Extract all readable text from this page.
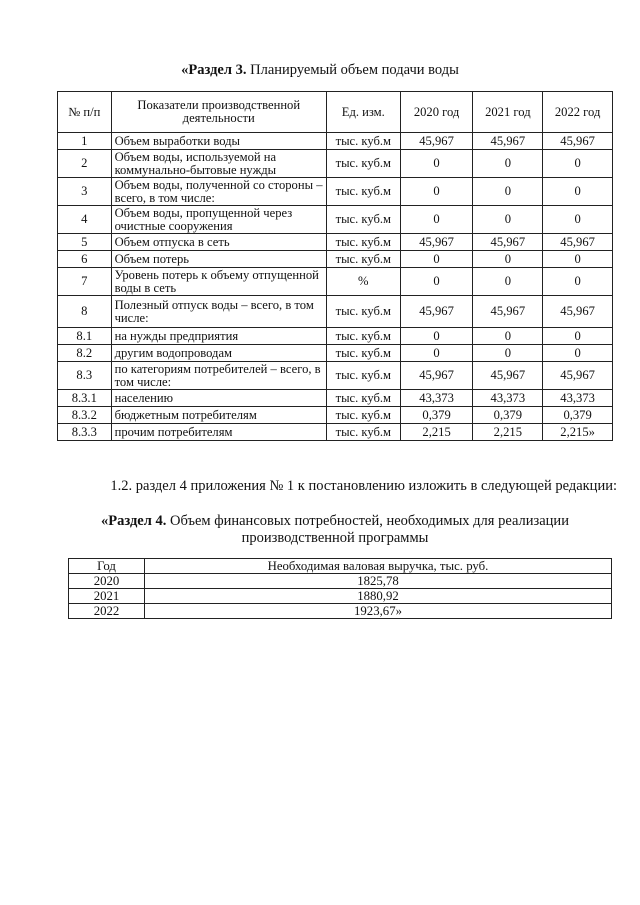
«Раздел 3. Планируемый объем подачи воды
№ п/п	Показатели производственной деятельности	Ед. изм.	2020 год	2021 год	2022 год
1	Объем выработки воды	тыс. куб.м	45,967	45,967	45,967
2	Объем воды, используемой на коммунально-бытовые нужды	тыс. куб.м	0	0	0
3	Объем воды, полученной со стороны – всего, в том числе:	тыс. куб.м	0	0	0
4	Объем воды, пропущенной через очистные сооружения	тыс. куб.м	0	0	0
5	Объем отпуска в сеть	тыс. куб.м	45,967	45,967	45,967
6	Объем потерь	тыс. куб.м	0	0	0
7	Уровень потерь к объему отпущенной воды в сеть	%	0	0	0
8	Полезный отпуск воды – всего, в том числе:	тыс. куб.м	45,967	45,967	45,967
8.1	на нужды предприятия	тыс. куб.м	0	0	0
8.2	другим водопроводам	тыс. куб.м	0	0	0
8.3	по категориям потребителей – всего, в том числе:	тыс. куб.м	45,967	45,967	45,967
8.3.1	населению	тыс. куб.м	43,373	43,373	43,373
8.3.2	бюджетным потребителям	тыс. куб.м	0,379	0,379	0,379
8.3.3	прочим потребителям	тыс. куб.м	2,215	2,215	2,215»
1.2. раздел 4 приложения № 1 к постановлению изложить в следующей редакции:
«Раздел 4. Объем финансовых потребностей, необходимых для реализации
производственной программы
Год	Необходимая валовая выручка, тыс. руб.
2020	1825,78
2021	1880,92
2022	1923,67»
